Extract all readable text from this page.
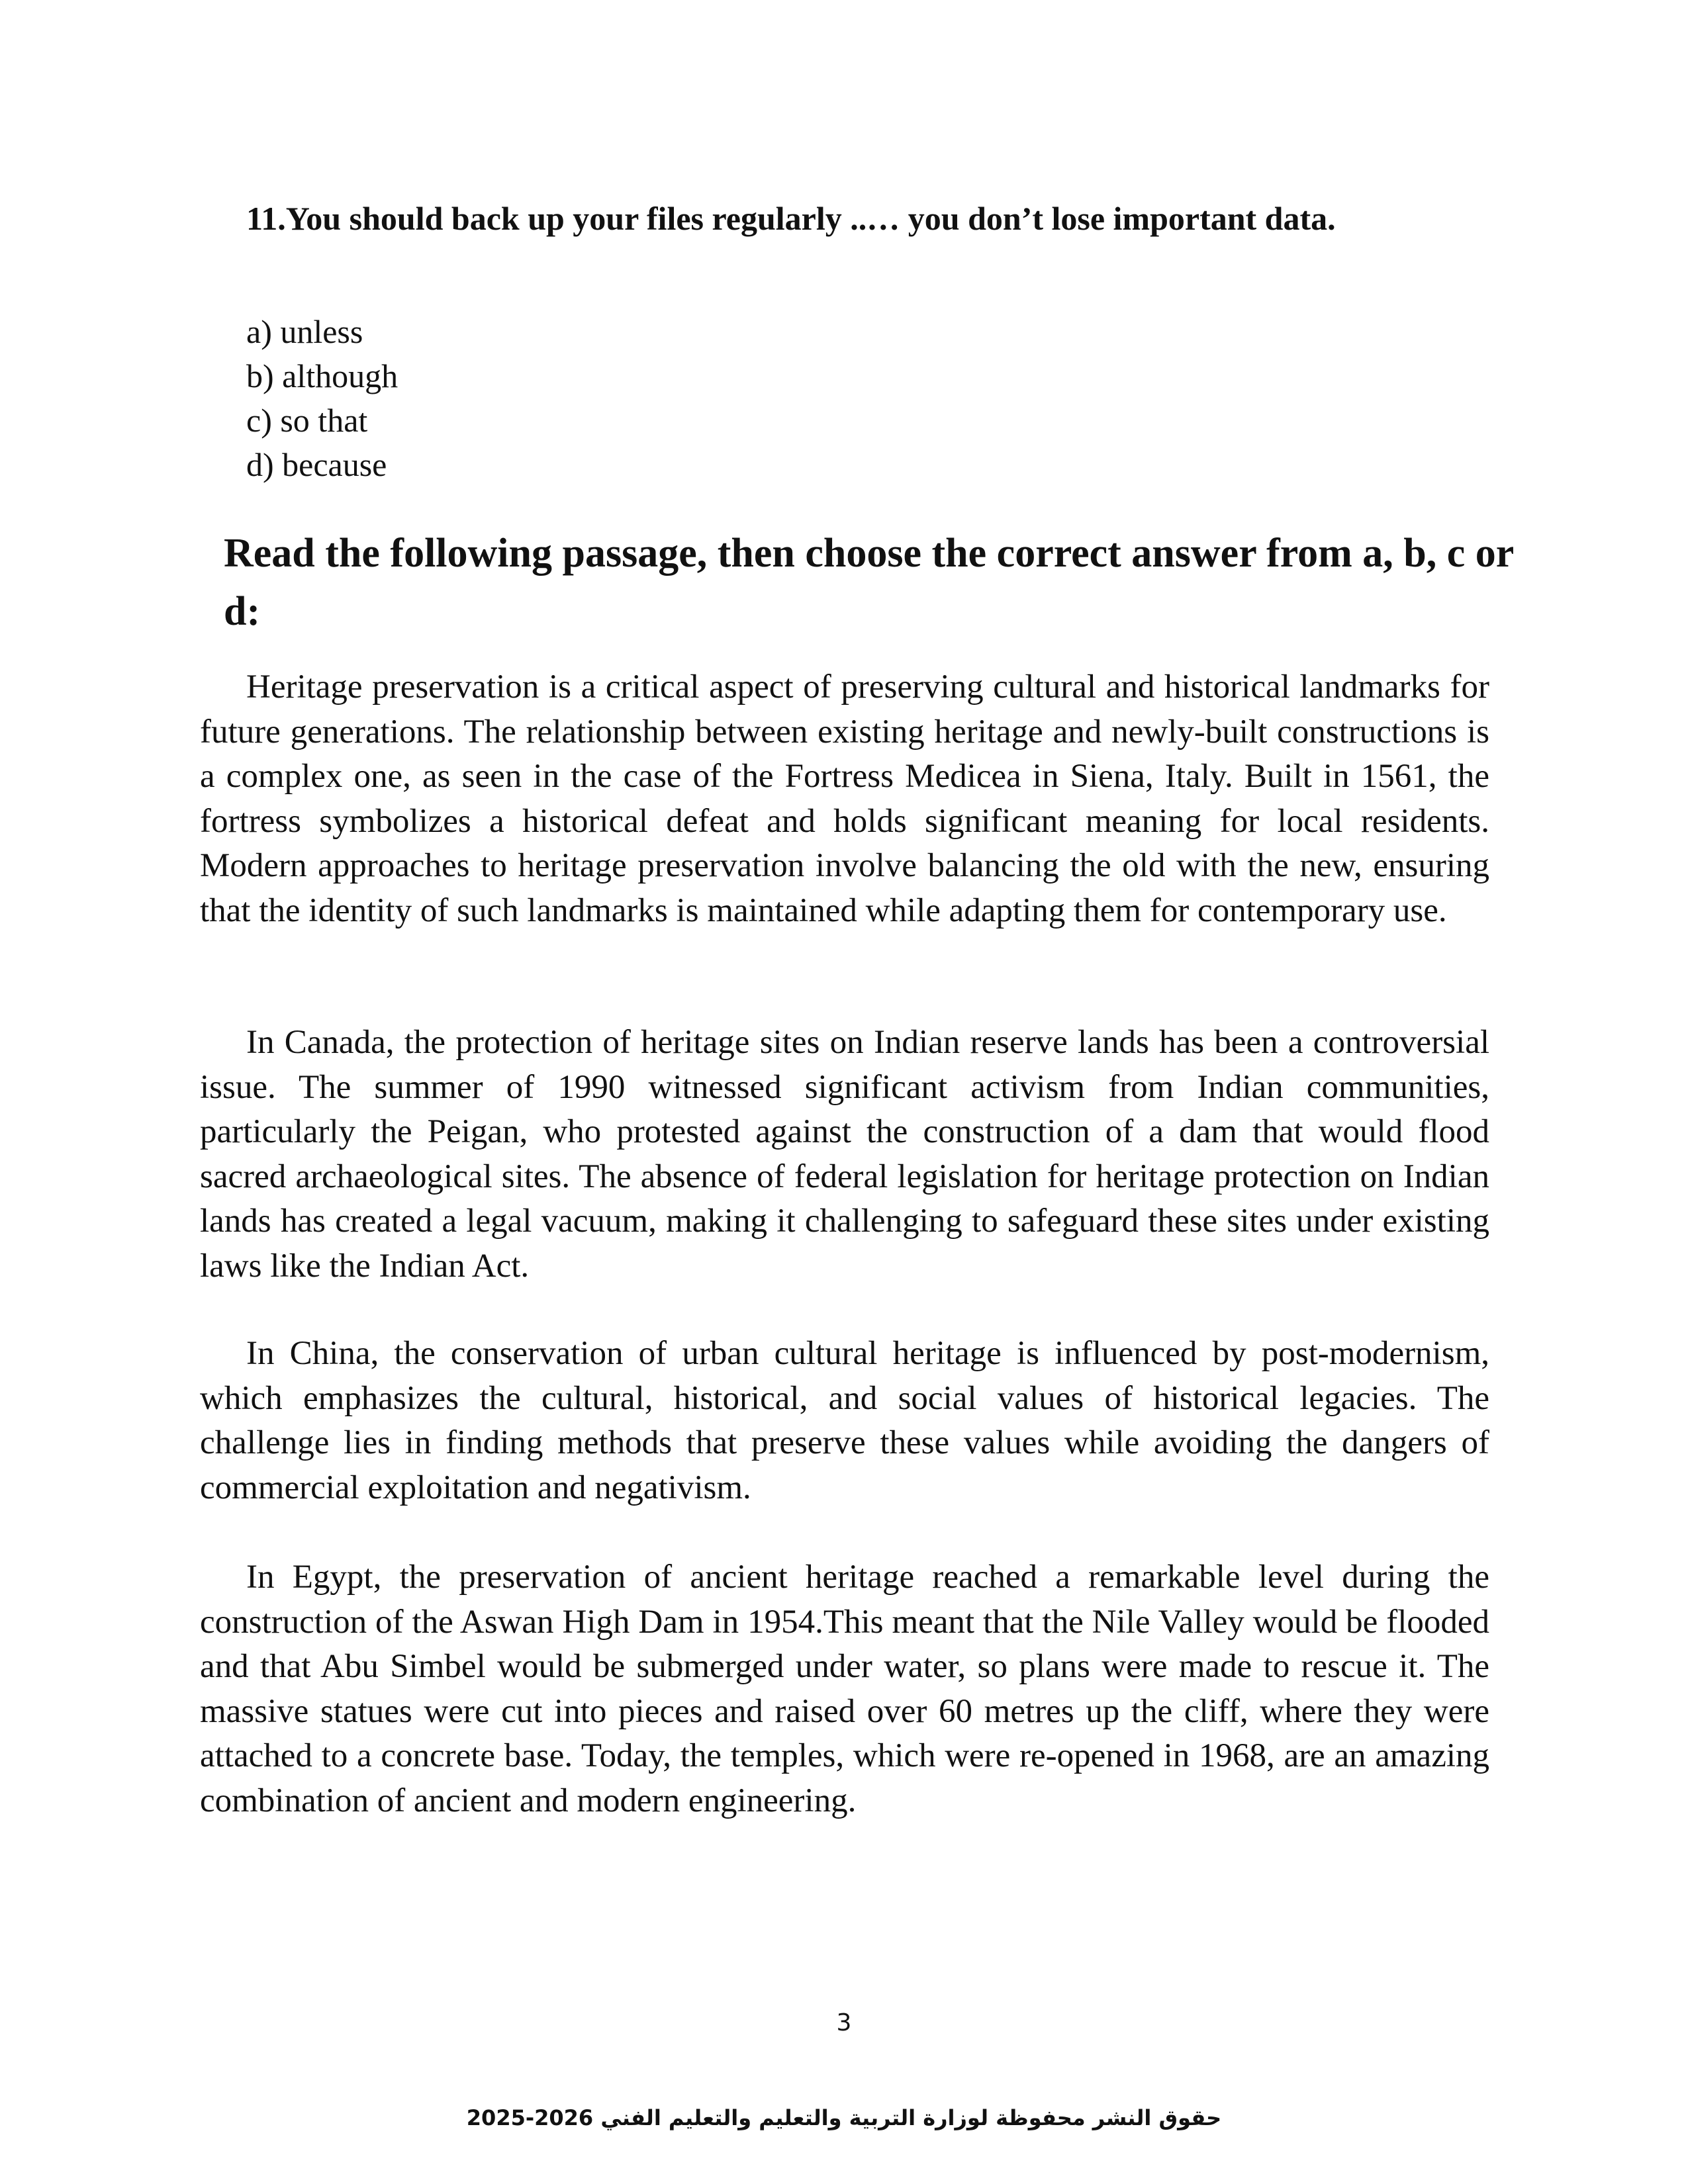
11.You should back up your files regularly ..… you don’t lose important data.
a) unless
b) although
c) so that
d) because
Read the following passage, then choose the correct answer from a, b, c or d:

Heritage preservation is a critical aspect of preserving cultural and historical landmarks for future generations. The relationship between existing heritage and newly-built constructions is a complex one, as seen in the case of the Fortress Medicea in Siena, Italy. Built in 1561, the fortress symbolizes a historical defeat and holds significant meaning for local residents. Modern approaches to heritage preservation involve balancing the old with the new, ensuring that the identity of such landmarks is maintained while adapting them for contemporary use.

In Canada, the protection of heritage sites on Indian reserve lands has been a controversial issue. The summer of 1990 witnessed significant activism from Indian communities, particularly the Peigan, who protested against the construction of a dam that would flood sacred archaeological sites. The absence of federal legislation for heritage protection on Indian lands has created a legal vacuum, making it challenging to safeguard these sites under existing laws like the Indian Act.

In China, the conservation of urban cultural heritage is influenced by post-modernism, which emphasizes the cultural, historical, and social values of historical legacies. The challenge lies in finding methods that preserve these values while avoiding the dangers of commercial exploitation and negativism.

In Egypt, the preservation of ancient heritage reached a remarkable level during the construction of the Aswan High Dam in 1954.This meant that the Nile Valley would be flooded and that Abu Simbel would be submerged under water, so plans were made to rescue it. The massive statues were cut into pieces and raised over 60 metres up the cliff, where they were attached to a concrete base. Today, the temples, which were re-opened in 1968, are an amazing combination of ancient and modern engineering.

3
حقوق النشر محفوظة لوزارة التربية والتعليم والتعليم الفني 2026-2025
